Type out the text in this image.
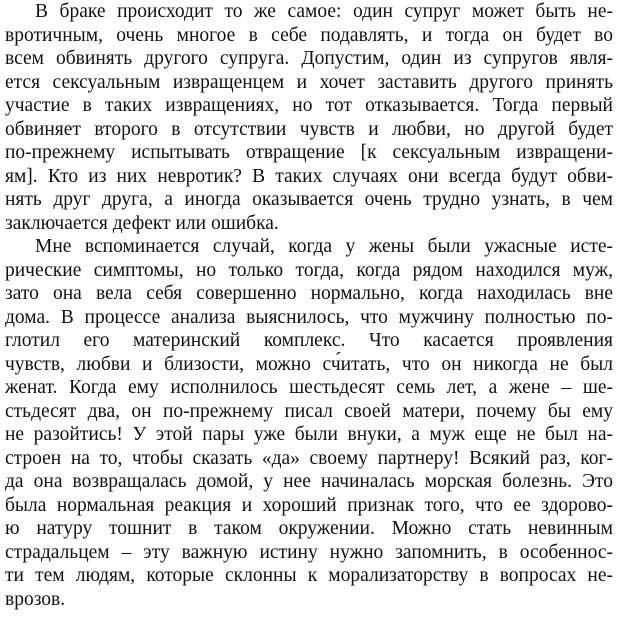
В браке происходит то же самое: один супруг может быть не-
вротичным, очень многое в себе подавлять, и тогда он будет во
всем обвинять другого супруга. Допустим, один из супругов явля-
ется сексуальным извращенцем и хочет заставить другого принять
участие в таких извращениях, но тот отказывается. Тогда первый
обвиняет второго в отсутствии чувств и любви, но другой будет
по-прежнему испытывать отвращение [к сексуальным извращени-
ям]. Кто из них невротик? В таких случаях они всегда будут обви-
нять друг друга, а иногда оказывается очень трудно узнать, в чем
заключается дефект или ошибка.
Мне вспоминается случай, когда у жены были ужасные исте-
рические симптомы, но только тогда, когда рядом находился муж,
зато она вела себя совершенно нормально, когда находилась вне
дома. В процессе анализа выяснилось, что мужчину полностью по-
глотил его материнский комплекс. Что касается проявления
чувств, любви и близости, можно сч́итать, что он никогда не был
женат. Когда ему исполнилось шестьдесят семь лет, а жене – ше-
стьдесят два, он по-прежнему писал своей матери, почему бы ему
не разойтись! У этой пары уже были внуки, а муж еще не был на-
строен на то, чтобы сказать «да» своему партнеру! Всякий раз, ког-
да она возвращалась домой, у нее начиналась морская болезнь. Это
была нормальная реакция и хороший признак того, что ее здорово-
ю натуру тошнит в таком окружении. Можно стать невинным
страдальцем – эту важную истину нужно запомнить, в особеннос-
ти тем людям, которые склонны к морализаторству в вопросах не-
врозов.
